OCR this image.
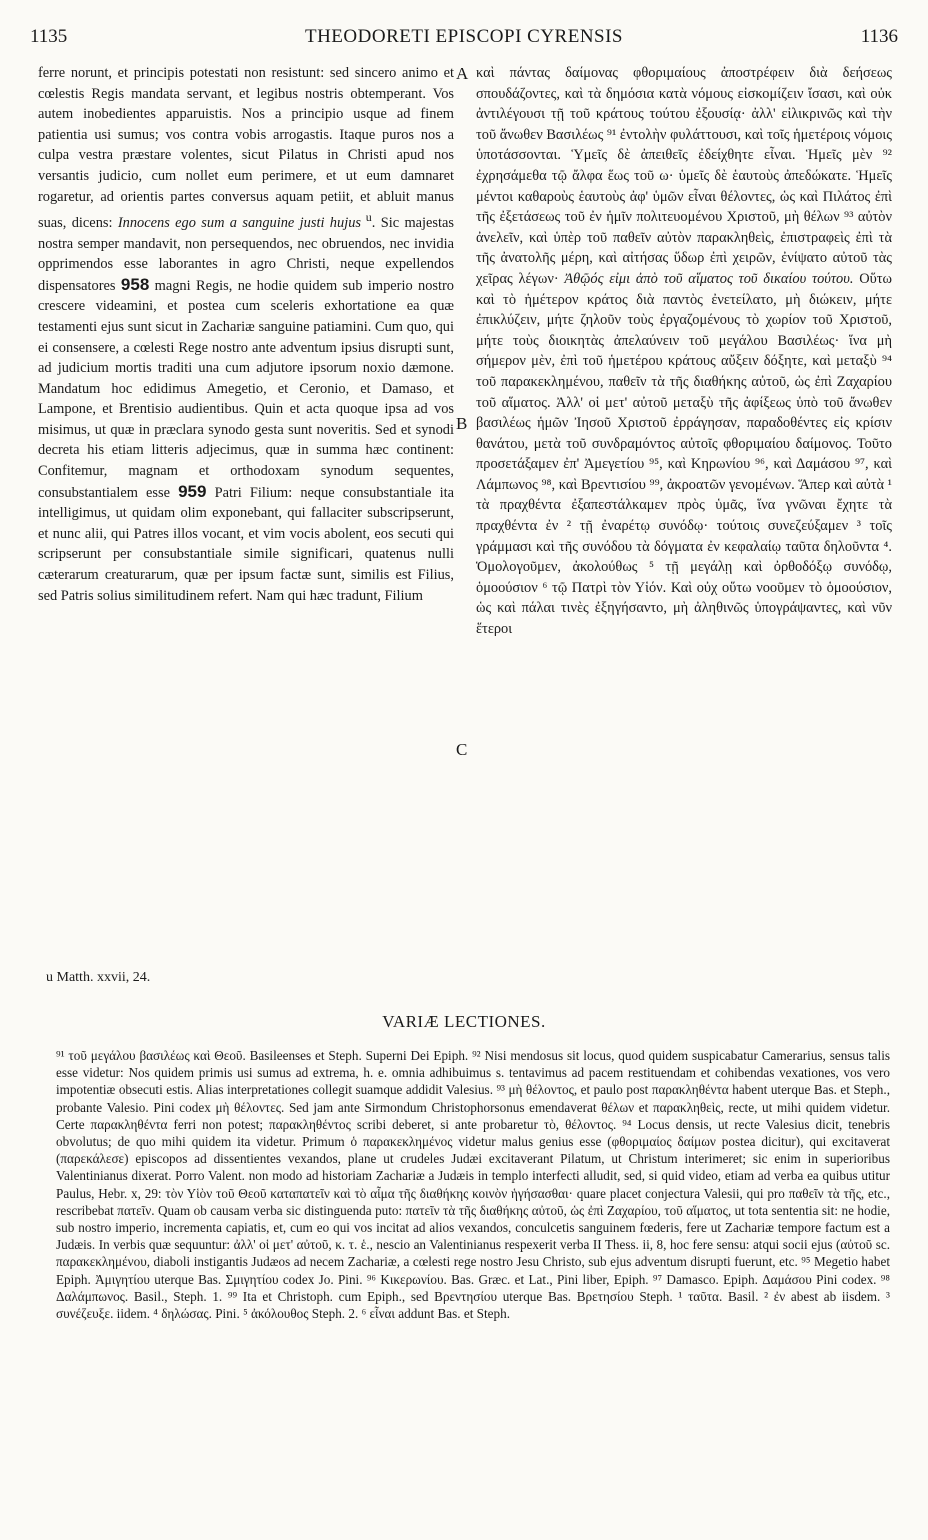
1135	THEODORETI EPISCOPI CYRENSIS	1136

ferre norunt, et principis potestati non resistunt: sed sincero animo et cœlestis Regis mandata servant, et legibus nostris obtemperant. Vos autem inobedientes apparuistis. Nos a principio usque ad finem patientia usi sumus; vos contra vobis arrogastis. Itaque puros nos a culpa vestra præstare volentes, sicut Pilatus in Christi apud nos versantis judicio, cum nollet eum perimere, et ut eum damnaret rogaretur, ad orientis partes conversus aquam petiit, et abluit manus suas, dicens: Innocens ego sum a sanguine justi hujus $^u$. Sic majestas nostra semper mandavit, non persequendos, nec obruendos, nec invidia opprimendos esse laborantes in agro Christi, neque expellendos dispensatores 958 magni Regis, ne hodie quidem sub imperio nostro crescere videamini, et postea cum sceleris exhortatione ea quæ testamenti ejus sunt sicut in Zachariæ sanguine patiamini. Cum quo, qui ei consensere, a cœlesti Rege nostro ante adventum ipsius disrupti sunt, ad judicium mortis traditi una cum adjutore ipsorum noxio dæmone. Mandatum hoc edidimus Amegetio, et Ceronio, et Damaso, et Lampone, et Brentisio audientibus. Quin et acta quoque ipsa ad vos misimus, ut quæ in præclara synodo gesta sunt noveritis. Sed et synodi decreta his etiam litteris adjecimus, quæ in summa hæc continent: Confitemur, magnam et orthodoxam synodum sequentes, consubstantialem esse 959 Patri Filium: neque consubstantiale ita intelligimus, ut quidam olim exponebant, qui fallaciter subscripserunt, et nunc alii, qui Patres illos vocant, et vim vocis abolent, eos secuti qui scripserunt per consubstantiale simile significari, quatenus nulli cæterarum creaturarum, quæ per ipsum factæ sunt, similis est Filius, sed Patris solius similitudinem refert. Nam qui hæc tradunt, Filium

A
B
C

καὶ πάντας δαίμονας φθοριμαίους ἀποστρέφειν διὰ δεήσεως σπουδάζοντες, καὶ τὰ δημόσια κατὰ νόμους εἰσκομίζειν ἴσασι, καὶ οὐκ ἀντιλέγουσι τῇ τοῦ κράτους τούτου ἐξουσίᾳ· ἀλλ' εἰλικρινῶς καὶ τὴν τοῦ ἄνωθεν Βασιλέως ⁹¹ ἐντολὴν φυλάττουσι, καὶ τοῖς ἡμετέροις νόμοις ὑποτάσσονται. Ὑμεῖς δὲ ἀπειθεῖς ἐδείχθητε εἶναι. Ἡμεῖς μὲν ⁹² ἐχρησάμεθα τῷ ἄλφα ἕως τοῦ ω· ὑμεῖς δὲ ἑαυτοὺς ἀπεδώκατε. Ἡμεῖς μέντοι καθαροὺς ἑαυτοὺς ἀφ' ὑμῶν εἶναι θέλοντες, ὡς καὶ Πιλάτος ἐπὶ τῆς ἐξετάσεως τοῦ ἐν ἡμῖν πολιτευομένου Χριστοῦ, μὴ θέλων ⁹³ αὐτὸν ἀνελεῖν, καὶ ὑπὲρ τοῦ παθεῖν αὐτὸν παρακληθεὶς, ἐπιστραφεὶς ἐπὶ τὰ τῆς ἀνατολῆς μέρη, καὶ αἰτήσας ὕδωρ ἐπὶ χειρῶν, ἐνίψατο αὐτοῦ τὰς χεῖρας λέγων· Ἀθῷός εἰμι ἀπὸ τοῦ αἵματος τοῦ δικαίου τούτου. Οὕτω καὶ τὸ ἡμέτερον κράτος διὰ παντὸς ἐνετείλατο, μὴ διώκειν, μήτε ἐπικλύζειν, μήτε ζηλοῦν τοὺς ἐργαζομένους τὸ χωρίον τοῦ Χριστοῦ, μήτε τοὺς διοικητὰς ἀπελαύνειν τοῦ μεγάλου Βασιλέως· ἵνα μὴ σήμερον μὲν, ἐπὶ τοῦ ἡμετέρου κράτους αὔξειν δόξητε, καὶ μεταξὺ ⁹⁴ τοῦ παρακεκλημένου, παθεῖν τὰ τῆς διαθήκης αὐτοῦ, ὡς ἐπὶ Ζαχαρίου τοῦ αἵματος. Ἀλλ' οἱ μετ' αὐτοῦ μεταξὺ τῆς ἀφίξεως ὑπὸ τοῦ ἄνωθεν βασιλέως ἡμῶν Ἰησοῦ Χριστοῦ ἐρράγησαν, παραδοθέντες εἰς κρίσιν θανάτου, μετὰ τοῦ συνδραμόντος αὐτοῖς φθοριμαίου δαίμονος. Τοῦτο προσετάξαμεν ἐπ' Ἀμεγετίου ⁹⁵, καὶ Κηρωνίου ⁹⁶, καὶ Δαμάσου ⁹⁷, καὶ Λάμπωνος ⁹⁸, καὶ Βρεντισίου ⁹⁹, ἀκροατῶν γενομένων. Ἅπερ καὶ αὐτὰ ¹ τὰ πραχθέντα ἐξαπεστάλκαμεν πρὸς ὑμᾶς, ἵνα γνῶναι ἔχητε τὰ πραχθέντα ἐν ² τῇ ἐναρέτῳ συνόδῳ· τούτοις συνεζεύξαμεν ³ τοῖς γράμμασι καὶ τῆς συνόδου τὰ δόγματα ἐν κεφαλαίῳ ταῦτα δηλοῦντα ⁴. Ὁμολογοῦμεν, ἀκολούθως ⁵ τῇ μεγάλῃ καὶ ὀρθοδόξῳ συνόδῳ, ὁμοούσιον ⁶ τῷ Πατρὶ τὸν Υἱόν. Καὶ οὐχ οὕτω νοοῦμεν τὸ ὁμοούσιον, ὡς καὶ πάλαι τινὲς ἐξηγήσαντο, μὴ ἀληθινῶς ὑπογράψαντες, καὶ νῦν ἕτεροι

u Matth. xxvii, 24.
VARIÆ LECTIONES.

⁹¹ τοῦ μεγάλου βασιλέως καὶ Θεοῦ. Basileenses et Steph. Superni Dei Epiph. ⁹² Nisi mendosus sit locus, quod quidem suspicabatur Camerarius, sensus talis esse videtur: Nos quidem primis usi sumus ad extrema, h. e. omnia adhibuimus s. tentavimus ad pacem restituendam et cohibendas vexationes, vos vero impotentiæ obsecuti estis. Alias interpretationes collegit suamque addidit Valesius. ⁹³ μὴ θέλοντος, et paulo post παρακληθέντα habent uterque Bas. et Steph., probante Valesio. Pini codex μὴ θέλοντες. Sed jam ante Sirmondum Christophorsonus emendaverat θέλων et παρακληθεὶς, recte, ut mihi quidem videtur. Certe παρακληθέντα ferri non potest; παρακληθέντος scribi deberet, si ante probaretur τὸ, θέλοντος. ⁹⁴ Locus densis, ut recte Valesius dicit, tenebris obvolutus; de quo mihi quidem ita videtur. Primum ὁ παρακεκλημένος videtur malus genius esse (φθοριμαίος δαίμων postea dicitur), qui excitaverat (παρεκάλεσε) episcopos ad dissentientes vexandos, plane ut crudeles Judæi excitaverant Pilatum, ut Christum interimeret; sic enim in superioribus Valentinianus dixerat. Porro Valent. non modo ad historiam Zachariæ a Judæis in templo interfecti alludit, sed, si quid video, etiam ad verba ea quibus utitur Paulus, Hebr. x, 29: τὸν Υἱὸν τοῦ Θεοῦ καταπατεῖν καὶ τὸ αἷμα τῆς διαθήκης κοινὸν ἡγήσασθαι· quare placet conjectura Valesii, qui pro παθεῖν τὰ τῆς, etc., rescribebat πατεῖν. Quam ob causam verba sic distinguenda puto: πατεῖν τὰ τῆς διαθήκης αὐτοῦ, ὡς ἐπὶ Ζαχαρίου, τοῦ αἵματος, ut tota sententia sit: ne hodie, sub nostro imperio, incrementa capiatis, et, cum eo qui vos incitat ad alios vexandos, conculcetis sanguinem fœderis, fere ut Zachariæ tempore factum est a Judæis. In verbis quæ sequuntur: ἀλλ' οἱ μετ' αὐτοῦ, κ. τ. ἑ., nescio an Valentinianus respexerit verba II Thess. ii, 8, hoc fere sensu: atqui socii ejus (αὐτοῦ sc. παρακεκλημένου, diaboli instigantis Judæos ad necem Zachariæ, a cœlesti rege nostro Jesu Christo, sub ejus adventum disrupti fuerunt, etc. ⁹⁵ Megetio habet Epiph. Ἀμιγητίου uterque Bas. Σμιγητίου codex Jo. Pini. ⁹⁶ Κικερωνίου. Bas. Græc. et Lat., Pini liber, Epiph. ⁹⁷ Damasco. Epiph. Δαμάσου Pini codex. ⁹⁸ Δαλάμπωνος. Basil., Steph. 1. ⁹⁹ Ita et Christoph. cum Epiph., sed Βρεντησίου uterque Bas. Βρετησίου Steph. ¹ ταῦτα. Basil. ² ἐν abest ab iisdem. ³ συνέζευξε. iidem. ⁴ δηλώσας. Pini. ⁵ ἀκόλουθος Steph. 2. ⁶ εἶναι addunt Bas. et Steph.
